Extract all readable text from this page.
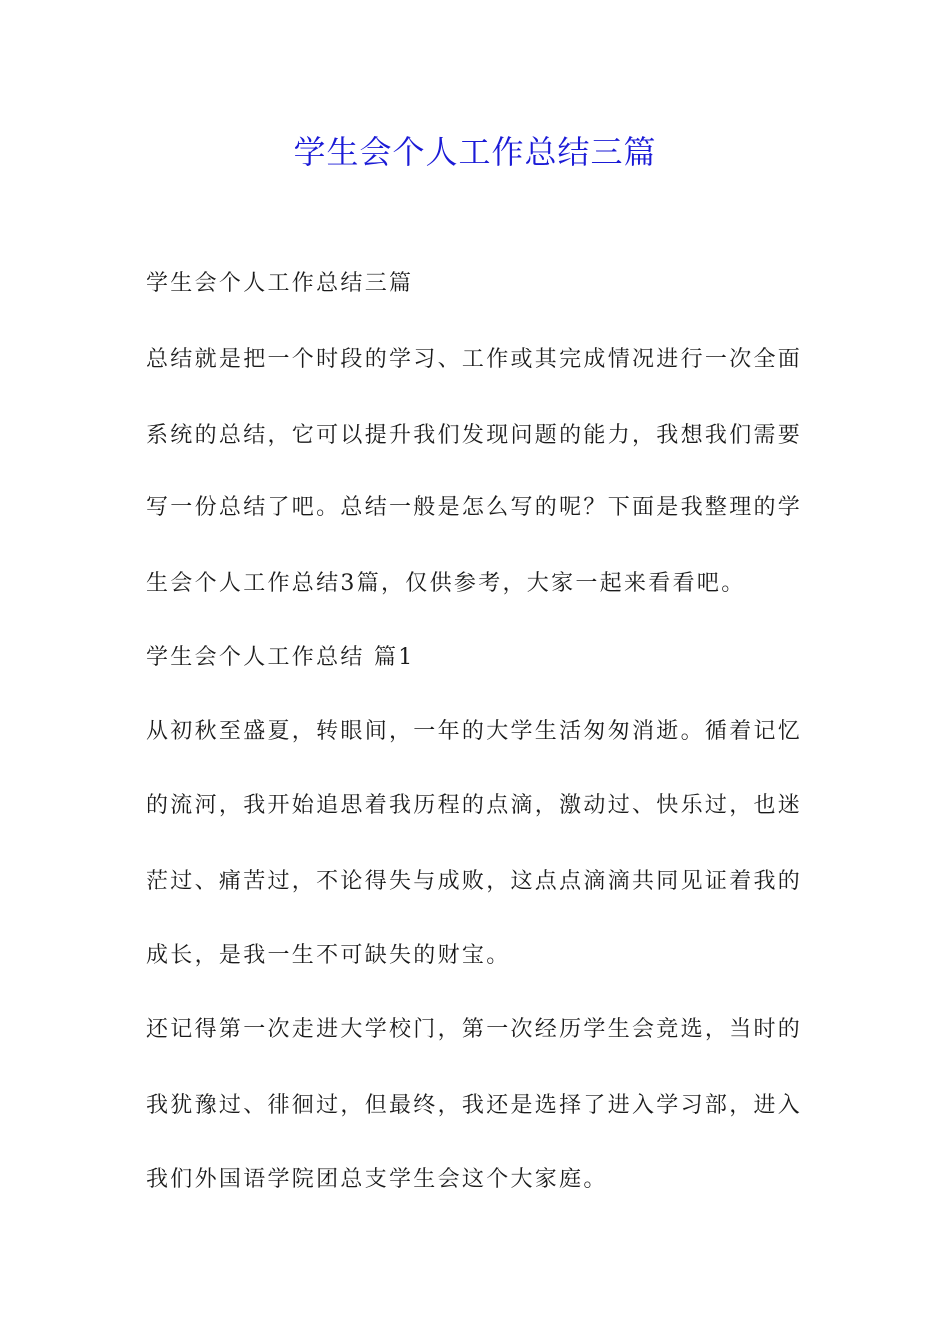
学生会个人工作总结三篇
学生会个人工作总结三篇
总结就是把一个时段的学习、工作或其完成情况进行一次全面
系统的总结，它可以提升我们发现问题的能力，我想我们需要
写一份总结了吧。总结一般是怎么写的呢？下面是我整理的学
生会个人工作总结3篇，仅供参考，大家一起来看看吧。
学生会个人工作总结 篇1
从初秋至盛夏，转眼间，一年的大学生活匆匆消逝。循着记忆
的流河，我开始追思着我历程的点滴，激动过、快乐过，也迷
茫过、痛苦过，不论得失与成败，这点点滴滴共同见证着我的
成长，是我一生不可缺失的财宝。
还记得第一次走进大学校门，第一次经历学生会竞选，当时的
我犹豫过、徘徊过，但最终，我还是选择了进入学习部，进入
我们外国语学院团总支学生会这个大家庭。
